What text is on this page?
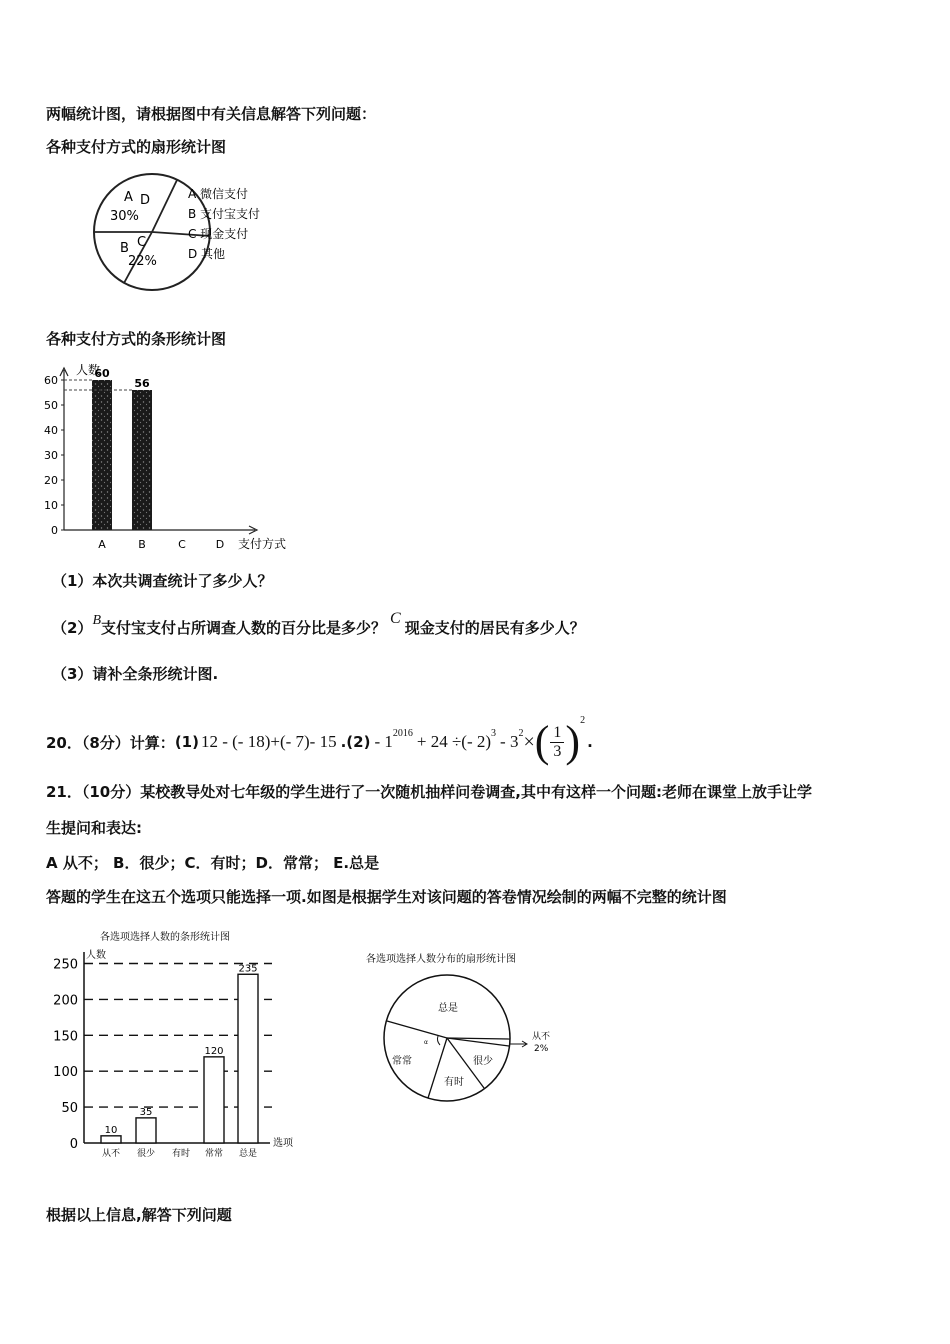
两幅统计图，请根据图中有关信息解答下列问题：
各种支付方式的扇形统计图
A
30%
B C
22%
D	A 微信支付
B 支付宝支付
C 现金支付
D 其他
各种支付方式的条形统计图
人数
支付方式
60
50
40
30
20
10
0
A
60
B
56
C	D
（1）本次共调查统计了多少人？
（2）B支付宝支付占所调查人数的百分比是多少？C现金支付的居民有多少人？
（3）请补全条形统计图.
20．（8分）计算： (1) 12 - (- 18)+(- 7)- 15 .(2) - 1 2016 + 24 ÷(- 2) 3 - 3 2 × ( 1
3 ) 2
.
21．（10分）某校教导处对七年级的学生进行了一次随机抽样问卷调查,其中有这样一个问题:老师在课堂上放手让学
生提问和表达:
A 从不； B．很少；C．有时；D．常常； E.总是
答题的学生在这五个选项只能选择一项.如图是根据学生对该问题的答卷情况绘制的两幅不完整的统计图
各选项选择人数的条形统计图
人数
选项
250
200
150
100
50
0
从不
10
很少
35
有时 常常
120
总是
235
各选项选择人数分布的扇形统计图
α
总是
常常
有时
很少
从不
2%
根据以上信息,解答下列问题
